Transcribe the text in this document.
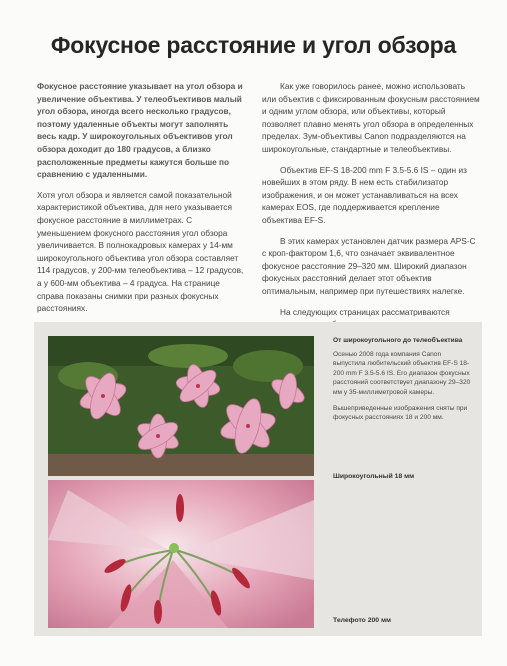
Фокусное расстояние и угол обзора

Фокусное расстояние указывает на угол обзора и увеличение объектива. У телеобъективов малый угол обзора, иногда всего несколько градусов, поэтому удаленные объекты могут заполнять весь кадр. У широкоугольных объективов угол обзора доходит до 180 градусов, а близко расположенные предметы кажутся больше по сравнению с удаленными.

Хотя угол обзора и является самой показательной характеристикой объектива, для него указывается фокусное расстояние в миллиметрах. С уменьшением фокусного расстояния угол обзора увеличивается. В полнокадровых камерах у 14-мм широкоугольного объектива угол обзора составляет 114 градусов, у 200-мм телеобъектива – 12 градусов, а у 600-мм объектива – 4 градуса. На странице справа показаны снимки при разных фокусных расстояниях.

Как уже говорилось ранее, можно использовать или объектив с фиксированным фокусным расстоянием и одним углом обзора, или объективы, который позволяет плавно менять угол обзора в определенных пределах. Зум-объективы Canon подразделяются на широкоугольные, стандартные и телеобъективы.

Объектив EF-S 18-200 mm F 3.5-5.6 IS – один из новейших в этом ряду. В нем есть стабилизатор изображения, и он может устанавливаться на всех камерах EOS, где поддерживается крепление объектива EF-S.

В этих камерах установлен датчик размера APS-C с кроп-фактором 1,6, что означает эквивалентное фокусное расстояние 29–320 мм. Широкий диапазон фокусных расстояний делает этот объектив оптимальным, например при путешествиях налегке.

На следующих страницах рассматриваются

От широкоугольного до телеобъектива

Осенью 2008 года компания Canon выпустила любительский объектив EF-S 18-200 mm F 3.5-5.6 IS. Его диапазон фокусных расстояний соответствует диапазону 29–320 мм у 35-миллиметровой камеры.

Вышеприведенные изображения сняты при фокусных расстояниях 18 и 200 мм.

Широкоугольный 18 мм
Телефото 200 мм
